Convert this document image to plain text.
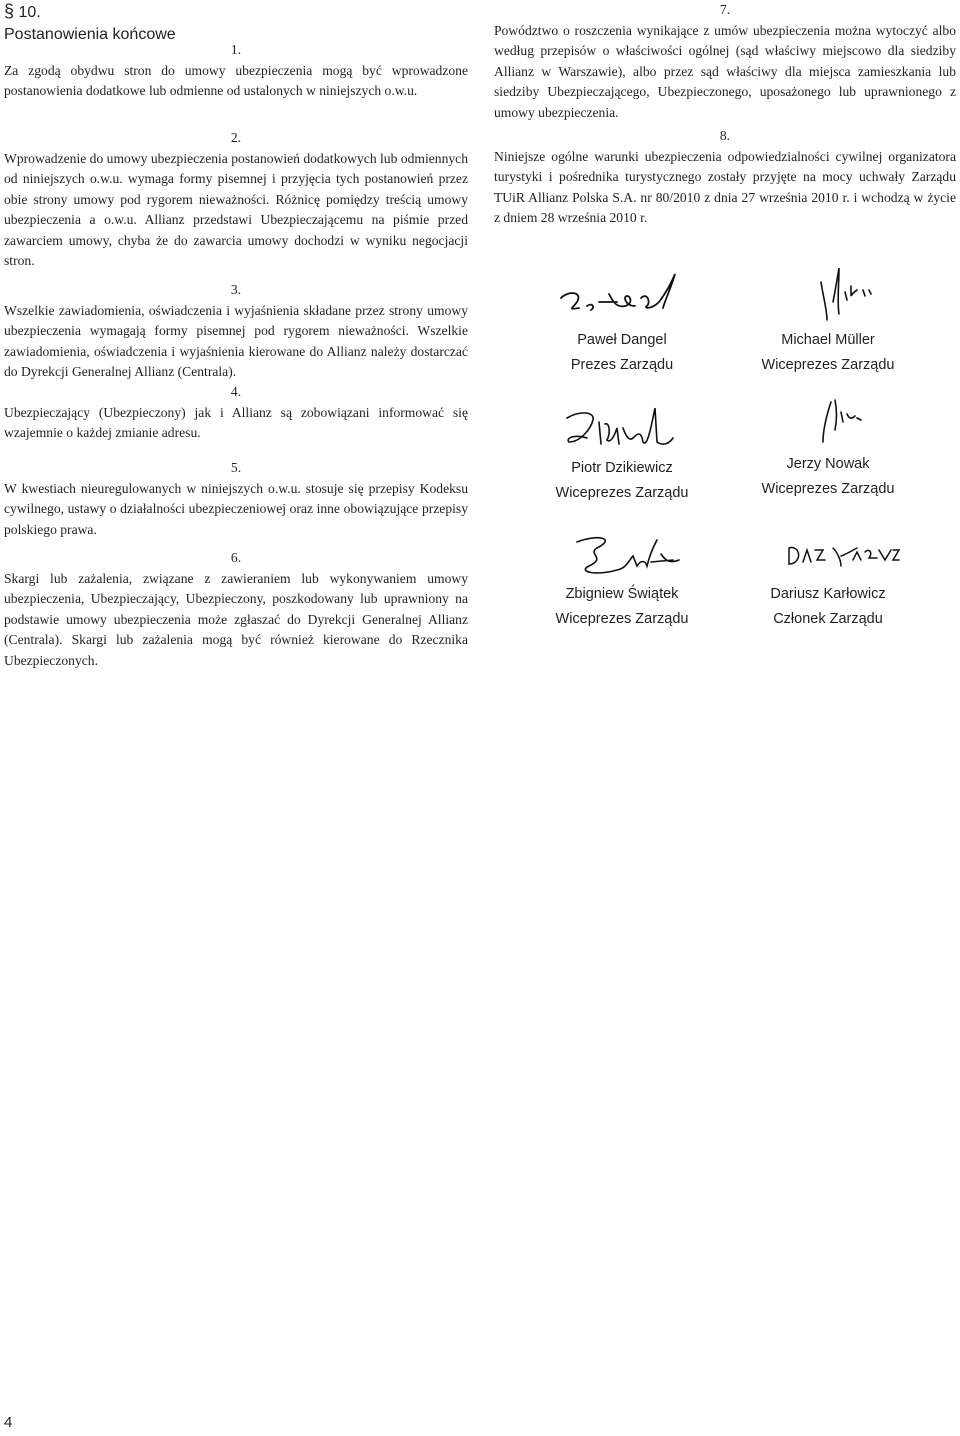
§ 10.
Postanowienia końcowe
1.
Za zgodą obydwu stron do umowy ubezpieczenia mogą być wprowadzone postanowienia dodatkowe lub odmienne od ustalonych w niniejszych o.w.u.
2.
Wprowadzenie do umowy ubezpieczenia postanowień dodatkowych lub odmiennych od niniejszych o.w.u. wymaga formy pisemnej i przyjęcia tych postanowień przez obie strony umowy pod rygorem nieważności. Różnicę pomiędzy treścią umowy ubezpieczenia a o.w.u. Allianz przedstawi Ubezpieczającemu na piśmie przed zawarciem umowy, chyba że do zawarcia umowy dochodzi w wyniku negocjacji stron.
3.
Wszelkie zawiadomienia, oświadczenia i wyjaśnienia składane przez strony umowy ubezpieczenia wymagają formy pisemnej pod rygorem nieważności. Wszelkie zawiadomienia, oświadczenia i wyjaśnienia kierowane do Allianz należy dostarczać do Dyrekcji Generalnej Allianz (Centrala).
4.
Ubezpieczający (Ubezpieczony) jak i Allianz są zobowiązani informować się wzajemnie o każdej zmianie adresu.
5.
W kwestiach nieuregulowanych w niniejszych o.w.u. stosuje się przepisy Kodeksu cywilnego, ustawy o działalności ubezpieczeniowej oraz inne obowiązujące przepisy polskiego prawa.
6.
Skargi lub zażalenia, związane z zawieraniem lub wykonywaniem umowy ubezpieczenia, Ubezpieczający, Ubezpieczony, poszkodowany lub uprawniony na podstawie umowy ubezpieczenia może zgłaszać do Dyrekcji Generalnej Allianz (Centrala). Skargi lub zażalenia mogą być również kierowane do Rzecznika Ubezpieczonych.
7.
Powództwo o roszczenia wynikające z umów ubezpieczenia można wytoczyć albo według przepisów o właściwości ogólnej (sąd właściwy miejscowo dla siedziby Allianz w Warszawie), albo przez sąd właściwy dla miejsca zamieszkania lub siedziby Ubezpieczającego, Ubezpieczonego, uposażonego lub uprawnionego z umowy ubezpieczenia.
8.
Niniejsze ogólne warunki ubezpieczenia odpowiedzialności cywilnej organizatora turystyki i pośrednika turystycznego zostały przyjęte na mocy uchwały Zarządu TUiR Allianz Polska S.A. nr 80/2010 z dnia 27 września 2010 r. i wchodzą w życie z dniem 28 września 2010 r.
Paweł Dangel
Prezes Zarządu
Michael Müller
Wiceprezes Zarządu
Piotr Dzikiewicz
Wiceprezes Zarządu
Jerzy Nowak
Wiceprezes Zarządu
Zbigniew Świątek
Wiceprezes Zarządu
Dariusz Karłowicz
Członek Zarządu
4
